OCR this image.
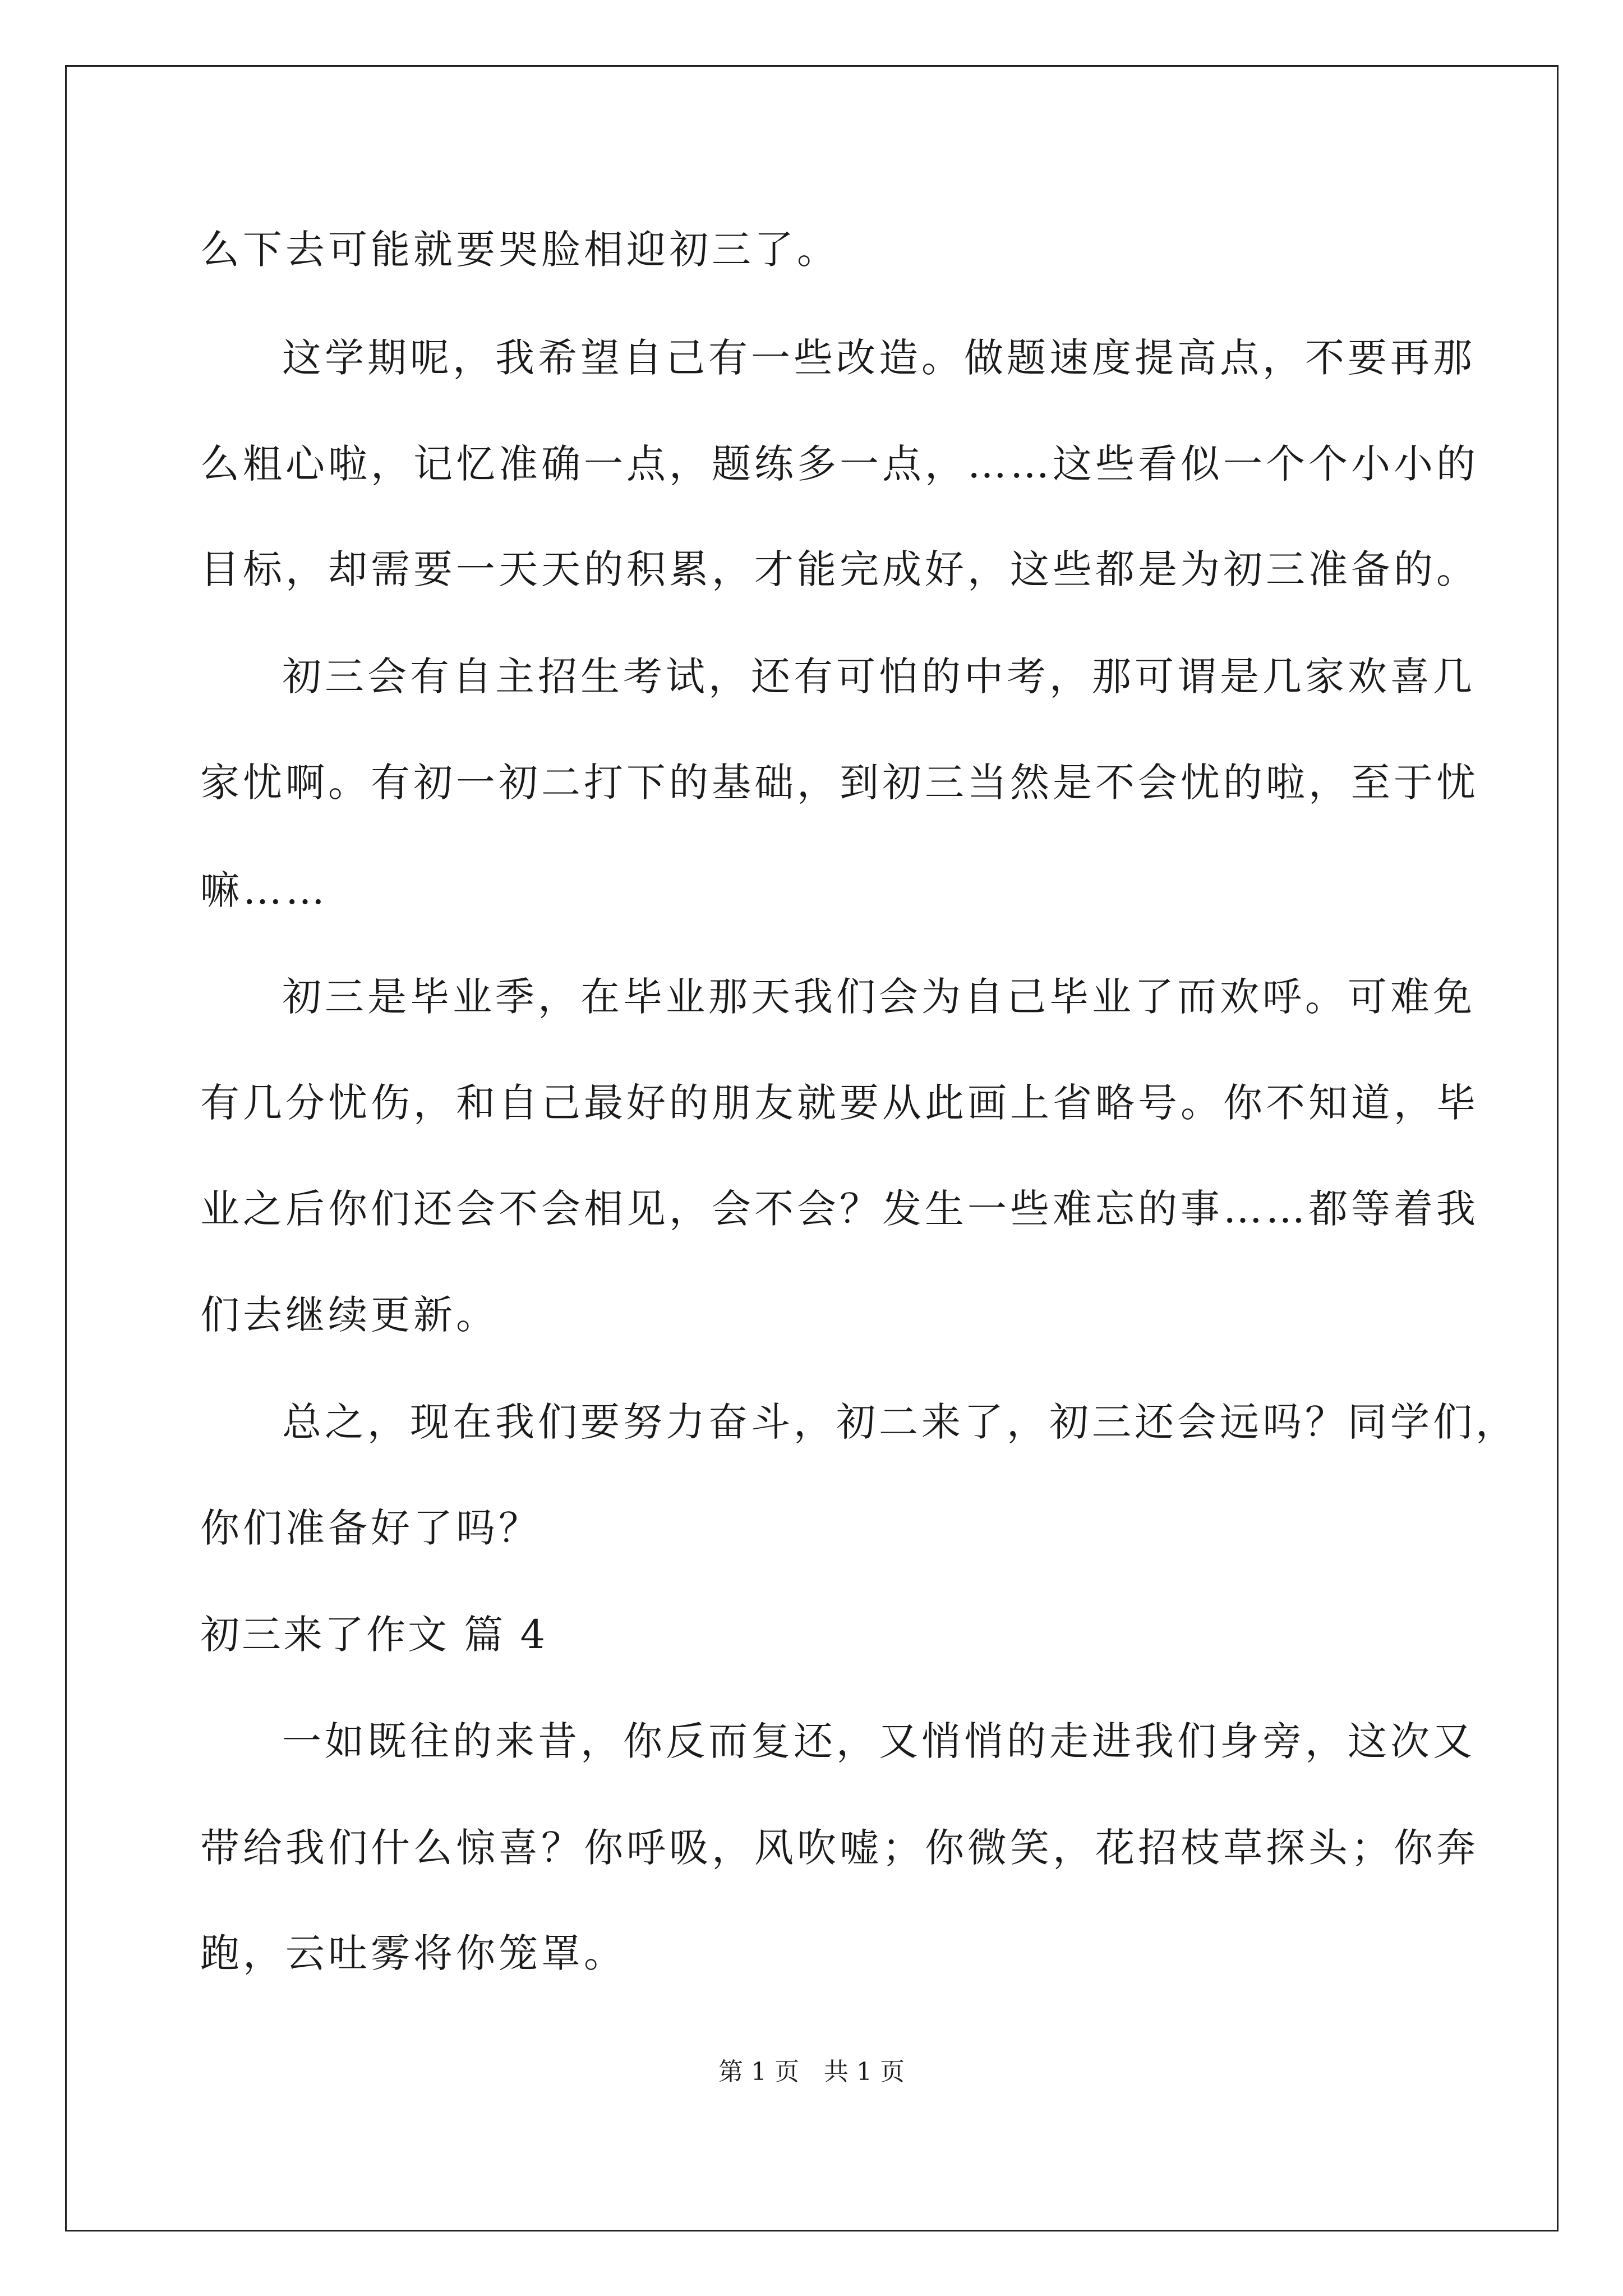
么下去可能就要哭脸相迎初三了。
这学期呢，我希望自己有一些改造。做题速度提高点，不要再那
么粗心啦，记忆准确一点，题练多一点，……这些看似一个个小小的
目标，却需要一天天的积累，才能完成好，这些都是为初三准备的。
初三会有自主招生考试，还有可怕的中考，那可谓是几家欢喜几
家忧啊。有初一初二打下的基础，到初三当然是不会忧的啦，至于忧
嘛……
初三是毕业季，在毕业那天我们会为自己毕业了而欢呼。可难免
有几分忧伤，和自己最好的朋友就要从此画上省略号。你不知道，毕
业之后你们还会不会相见，会不会？发生一些难忘的事……都等着我
们去继续更新。
总之，现在我们要努力奋斗，初二来了，初三还会远吗？同学们，
你们准备好了吗？
初三来了作文 篇 4
一如既往的来昔，你反而复还，又悄悄的走进我们身旁，这次又
带给我们什么惊喜？你呼吸，风吹嘘；你微笑，花招枝草探头；你奔
跑，云吐雾将你笼罩。
第 1 页 共 1 页
